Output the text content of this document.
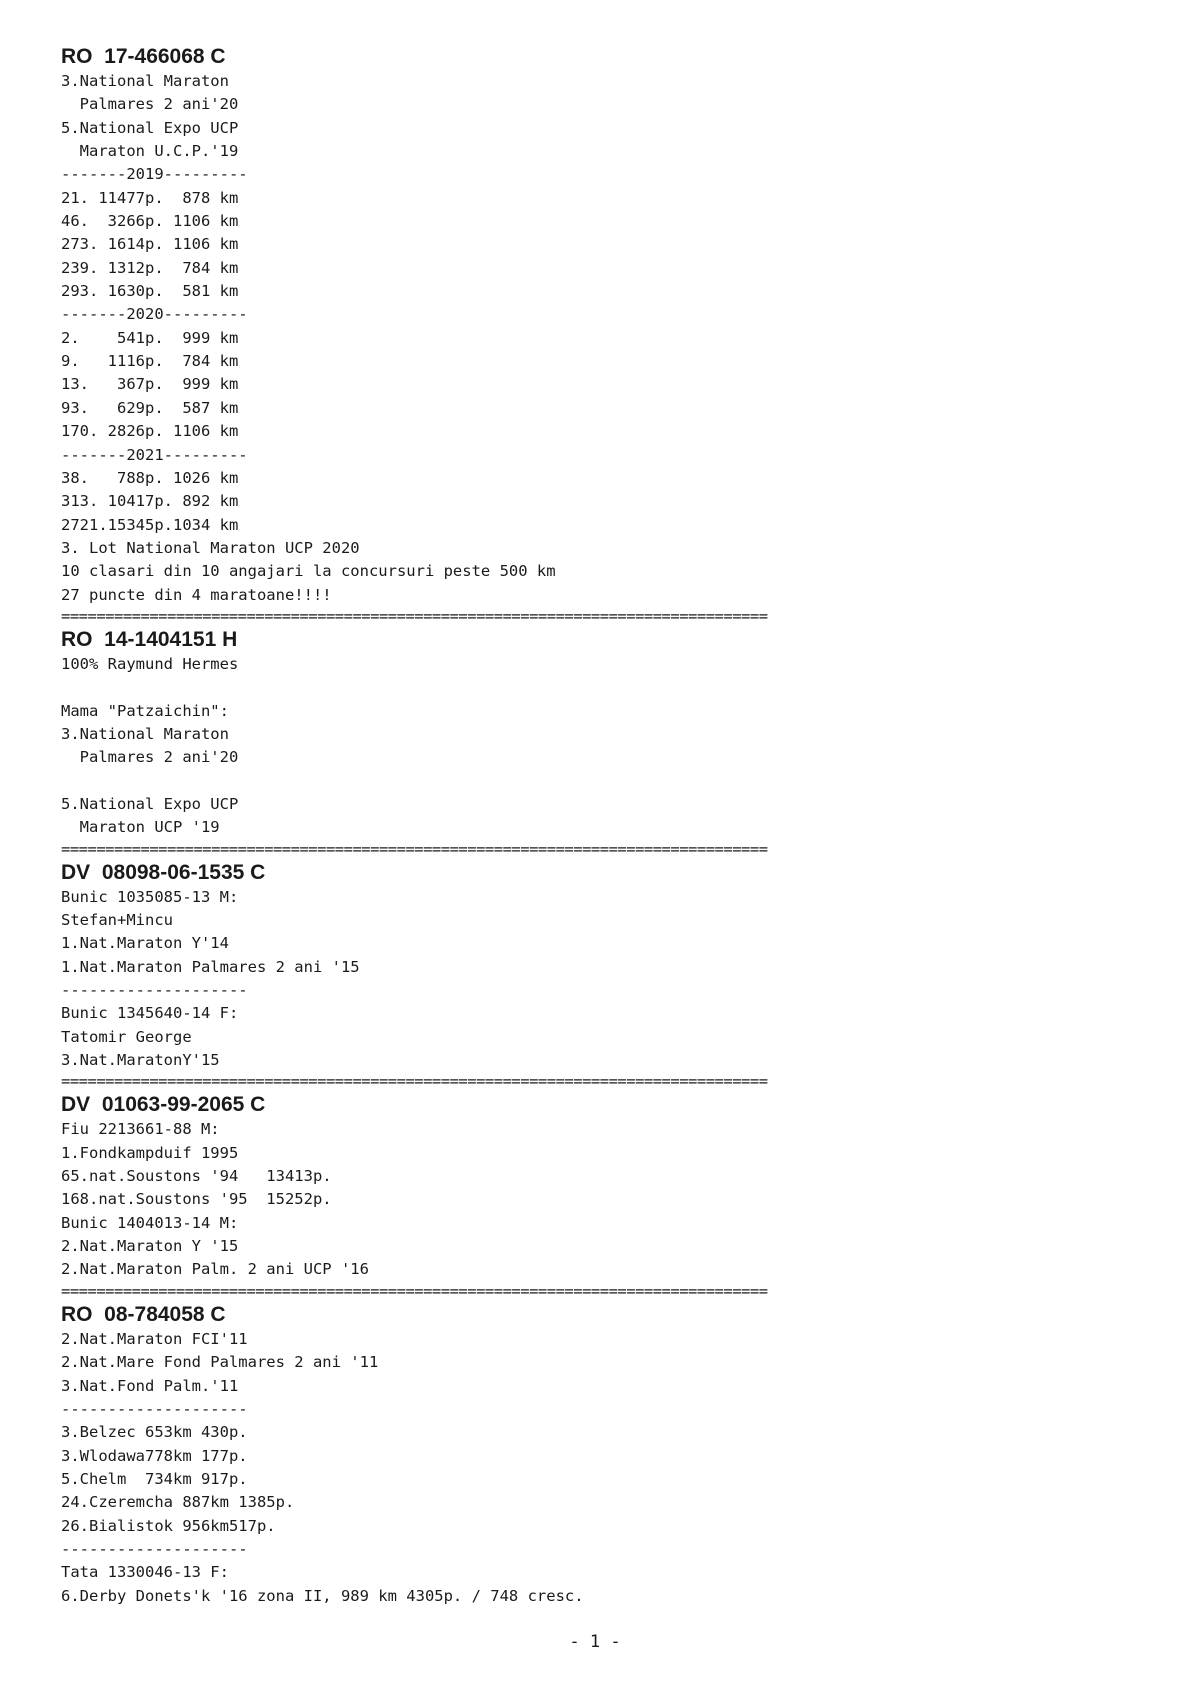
RO  17-466068 C
3.National Maraton
Palmares 2 ani'20
5.National Expo UCP
Maraton U.C.P.'19
-------2019---------
21. 11477p.  878 km
46.  3266p. 1106 km
273. 1614p. 1106 km
239. 1312p.  784 km
293. 1630p.  581 km
-------2020---------
2.    541p.  999 km
9.   1116p.  784 km
13.   367p.  999 km
93.   629p.  587 km
170. 2826p. 1106 km
-------2021---------
38.   788p. 1026 km
313. 10417p. 892 km
2721.15345p.1034 km
3. Lot National Maraton UCP 2020
10 clasari din 10 angajari la concursuri peste 500 km
27 puncte din 4 maratoane!!!!
================================================================================
RO  14-1404151 H
100% Raymund Hermes
Mama "Patzaichin":
3.National Maraton
Palmares 2 ani'20
5.National Expo UCP
Maraton UCP '19
================================================================================
DV  08098-06-1535 C
Bunic 1035085-13 M:
Stefan+Mincu
1.Nat.Maraton Y'14
1.Nat.Maraton Palmares 2 ani '15
--------------------
Bunic 1345640-14 F:
Tatomir George
3.Nat.MaratonY'15
================================================================================
DV  01063-99-2065 C
Fiu 2213661-88 M:
1.Fondkampduif 1995
65.nat.Soustons '94   13413p.
168.nat.Soustons '95  15252p.
Bunic 1404013-14 M:
2.Nat.Maraton Y '15
2.Nat.Maraton Palm. 2 ani UCP '16
================================================================================
RO  08-784058 C
2.Nat.Maraton FCI'11
2.Nat.Mare Fond Palmares 2 ani '11
3.Nat.Fond Palm.'11
--------------------
3.Belzec 653km 430p.
3.Wlodawa778km 177p.
5.Chelm  734km 917p.
24.Czeremcha 887km 1385p.
26.Bialistok 956km517p.
--------------------
Tata 1330046-13 F:
6.Derby Donets'k '16 zona II, 989 km 4305p. / 748 cresc.
- 1 -
